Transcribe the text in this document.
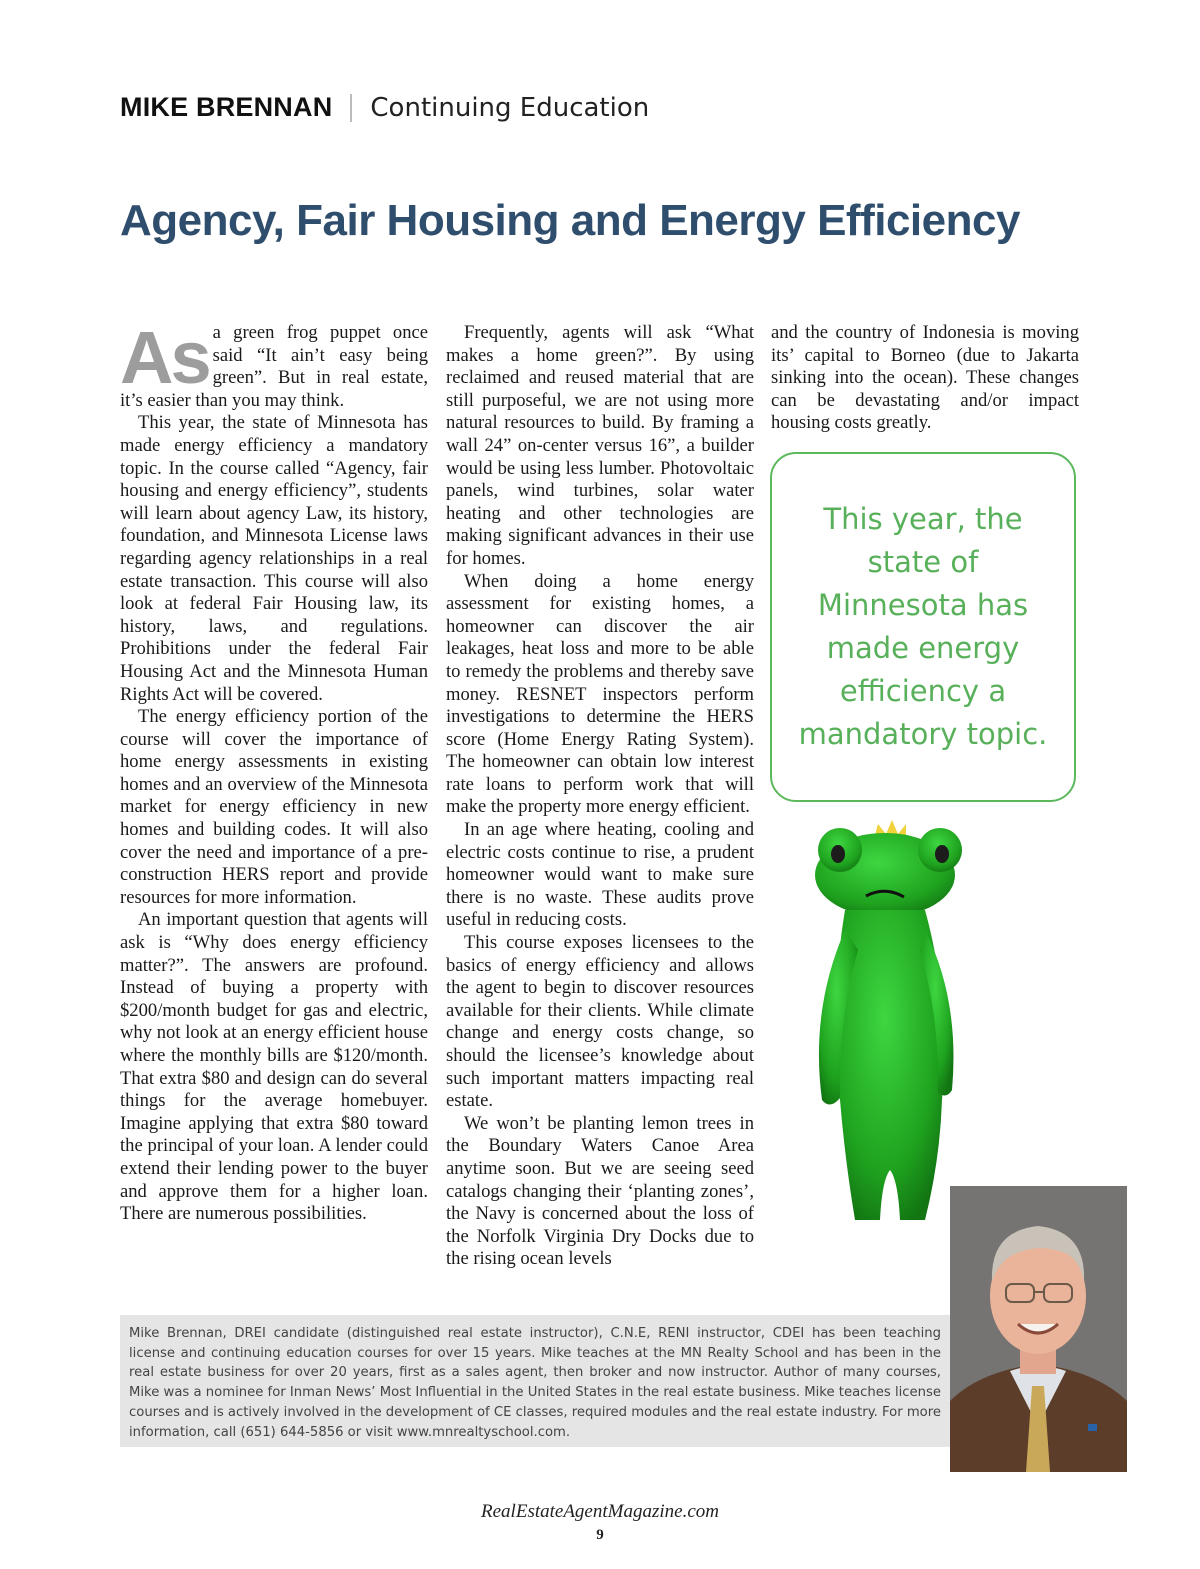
MIKE BRENNAN Continuing Education
Agency, Fair Housing and Energy Efficiency
As a green frog puppet once said “It ain’t easy being green”. But in real estate, it’s easier than you may think.

This year, the state of Minnesota has made energy efficiency a mandatory topic. In the course called “Agency, fair housing and energy efficiency”, students will learn about agency Law, its history, foundation, and Minnesota License laws regarding agency relationships in a real estate transaction. This course will also look at federal Fair Housing law, its history, laws, and regulations. Prohibitions under the federal Fair Housing Act and the Minnesota Human Rights Act will be covered.

The energy efficiency portion of the course will cover the importance of home energy assessments in existing homes and an overview of the Minnesota market for energy efficiency in new homes and building codes. It will also cover the need and importance of a pre-construction HERS report and provide resources for more information.

An important question that agents will ask is “Why does energy efficiency matter?”. The answers are profound. Instead of buying a property with $200/month budget for gas and electric, why not look at an energy efficient house where the monthly bills are $120/month. That extra $80 and design can do several things for the average homebuyer. Imagine applying that extra $80 toward the principal of your loan. A lender could extend their lending power to the buyer and approve them for a higher loan. There are numerous possibilities.

Frequently, agents will ask “What makes a home green?”. By using reclaimed and reused material that are still purposeful, we are not using more natural resources to build. By framing a wall 24” on-center versus 16”, a builder would be using less lumber. Photovoltaic panels, wind turbines, solar water heating and other technologies are making significant advances in their use for homes.

When doing a home energy assessment for existing homes, a homeowner can discover the air leakages, heat loss and more to be able to remedy the problems and thereby save money. RESNET inspectors perform investigations to determine the HERS score (Home Energy Rating System). The homeowner can obtain low interest rate loans to perform work that will make the property more energy efficient.

In an age where heating, cooling and electric costs continue to rise, a prudent homeowner would want to make sure there is no waste. These audits prove useful in reducing costs.

This course exposes licensees to the basics of energy efficiency and allows the agent to begin to discover resources available for their clients. While climate change and energy costs change, so should the licensee’s knowledge about such important matters impacting real estate.

We won’t be planting lemon trees in the Boundary Waters Canoe Area anytime soon. But we are seeing seed catalogs changing their ‘planting zones’, the Navy is concerned about the loss of the Norfolk Virginia Dry Docks due to the rising ocean levels

and the country of Indonesia is moving its’ capital to Borneo (due to Jakarta sinking into the ocean). These changes can be devastating and/or impact housing costs greatly.

This year, the state of Minnesota has made energy efficiency a mandatory topic.

Mike Brennan, DREI candidate (distinguished real estate instructor), C.N.E, RENI instructor, CDEI has been teaching license and continuing education courses for over 15 years. Mike teaches at the MN Realty School and has been in the real estate business for over 20 years, first as a sales agent, then broker and now instructor. Author of many courses, Mike was a nominee for Inman News’ Most Influential in the United States in the real estate business. Mike teaches license courses and is actively involved in the development of CE classes, required modules and the real estate industry. For more information, call (651) 644-5856 or visit www.mnrealtyschool.com.

RealEstateAgentMagazine.com
9
